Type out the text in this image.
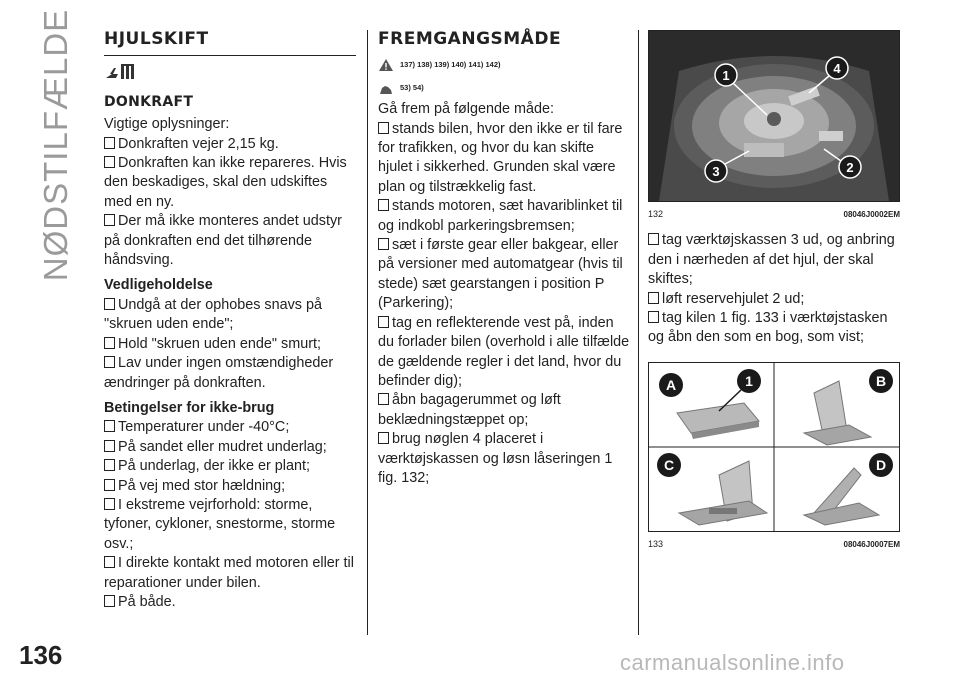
NØDSTILFÆLDE
136	carmanualsonline.info
HJULSKIFT
DONKRAFT

Vigtige oplysninger:

Donkraften vejer 2,15 kg.

Donkraften kan ikke repareres. Hvis den beskadiges, skal den udskiftes med en ny.

Der må ikke monteres andet udstyr på donkraften end det tilhørende håndsving.

Vedligeholdelse

Undgå at der ophobes snavs på "skruen uden ende";

Hold "skruen uden ende" smurt;

Lav under ingen omstændigheder ændringer på donkraften.

Betingelser for ikke-brug

Temperaturer under -40°C;

På sandet eller mudret underlag;

På underlag, der ikke er plant;

På vej med stor hældning;

I ekstreme vejrforhold: storme, tyfoner, cykloner, snestorme, storme osv.;

I direkte kontakt med motoren eller til reparationer under bilen.

På både.

FREMGANGSMÅDE
137) 138) 139) 140) 141) 142)
53) 54)

Gå frem på følgende måde:

stands bilen, hvor den ikke er til fare for trafikken, og hvor du kan skifte hjulet i sikkerhed. Grunden skal være plan og tilstrækkelig fast.

stands motoren, sæt havariblinket til og indkobl parkeringsbremsen;

sæt i første gear eller bakgear, eller på versioner med automatgear (hvis til stede) sæt gearstangen i position P (Parkering);

tag en reflekterende vest på, inden du forlader bilen (overhold i alle tilfælde de gældende regler i det land, hvor du befinder dig);

åbn bagagerummet og løft beklædningstæppet op;

brug nøglen 4 placeret i værktøjskassen og løsn låseringen 1 fig. 132;

1	4
3	2
132	08046J0002EM

tag værktøjskassen 3 ud, og anbring den i nærheden af det hjul, der skal skiftes;

løft reservehjulet 2 ud;

tag kilen 1 fig. 133 i værktøjstasken og åbn den som en bog, som vist;

A	1	B
C	D
133	08046J0007EM
